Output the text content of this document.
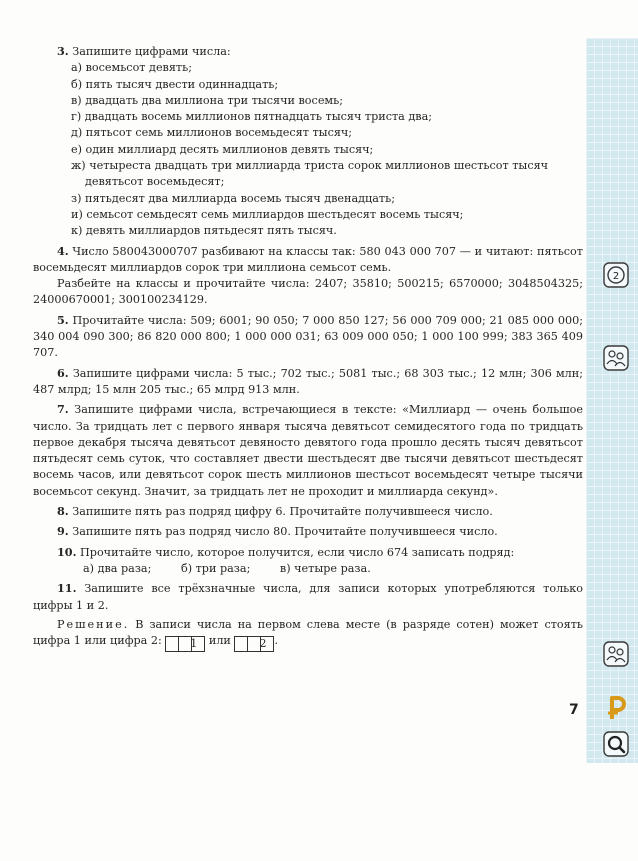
3. Запишите цифрами числа:

а) восемьсот девять;
б) пять тысяч двести одиннадцать;
в) двадцать два миллиона три тысячи восемь;
г) двадцать восемь миллионов пятнадцать тысяч триста два;
д) пятьсот семь миллионов восемьдесят тысяч;
е) один миллиард десять миллионов девять тысяч;
ж) четыреста двадцать три миллиарда триста сорок миллионов шестьсот тысяч девятьсот восемьдесят;
з) пятьдесят два миллиарда восемь тысяч двенадцать;
и) семьсот семьдесят семь миллиардов шестьдесят восемь тысяч;
к) девять миллиардов пятьдесят пять тысяч.

4. Число 580043000707 разбивают на классы так: 580 043 000 707 — и читают: пятьсот восемьдесят миллиардов сорок три миллиона семьсот семь.

Разбейте на классы и прочитайте числа: 2407; 35810; 500215; 6570000; 3048504325; 24000670001; 300100234129.

5. Прочитайте числа: 509; 6001; 90 050; 7 000 850 127; 56 000 709 000; 21 085 000 000; 340 004 090 300; 86 820 000 800; 1 000 000 031; 63 009 000 050; 1 000 100 999; 383 365 409 707.

6. Запишите цифрами числа: 5 тыс.; 702 тыс.; 5081 тыс.; 68 303 тыс.; 12 млн; 306 млн; 487 млрд; 15 млн 205 тыс.; 65 млрд 913 млн.

7. Запишите цифрами числа, встречающиеся в тексте: «Миллиард — очень большое число. За тридцать лет с первого января тысяча девятьсот семидесятого года по тридцать первое декабря тысяча девятьсот девяносто девятого года прошло десять тысяч девятьсот пятьдесят семь суток, что составляет двести шестьдесят две тысячи девятьсот шестьдесят восемь часов, или девятьсот сорок шесть миллионов шестьсот восемьдесят четыре тысячи восемьсот секунд. Значит, за тридцать лет не проходит и миллиарда секунд».

8. Запишите пять раз подряд цифру 6. Прочитайте получившееся число.

9. Запишите пять раз подряд число 80. Прочитайте получившееся число.

10. Прочитайте число, которое получится, если число 674 записать подряд:

а) два раза;	б) три раза;	в) четыре раза.

11. Запишите все трёхзначные числа, для записи которых употребляются только цифры 1 и 2.

Решение. В записи числа на первом слева месте (в разряде сотен) может стоять цифра 1 или цифра 2:	1 или	2 .

2
7
